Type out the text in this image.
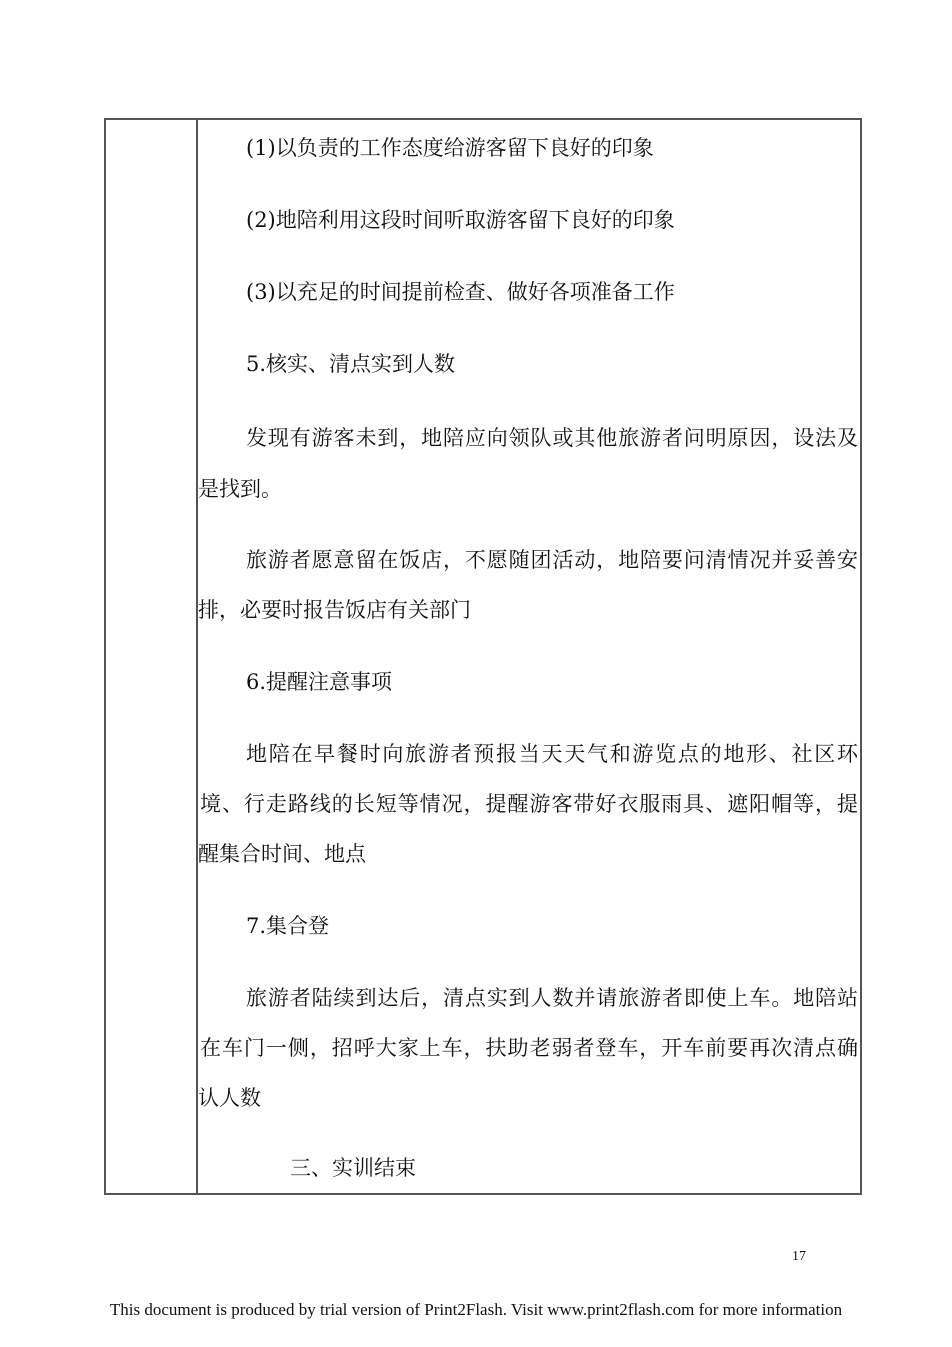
(1)以负责的工作态度给游客留下良好的印象
(2)地陪利用这段时间听取游客留下良好的印象
(3)以充足的时间提前检查、做好各项准备工作
5.核实、清点实到人数
发现有游客未到，地陪应向领队或其他旅游者问明原因，设法及
是找到。
旅游者愿意留在饭店，不愿随团活动，地陪要问清情况并妥善安
排，必要时报告饭店有关部门
6.提醒注意事项
地陪在早餐时向旅游者预报当天天气和游览点的地形、社区环
境、行走路线的长短等情况，提醒游客带好衣服雨具、遮阳帽等，提
醒集合时间、地点
7.集合登
旅游者陆续到达后，清点实到人数并请旅游者即使上车。地陪站
在车门一侧，招呼大家上车，扶助老弱者登车，开车前要再次清点确
认人数
三、实训结束
17
This document is produced by trial version of Print2Flash. Visit www.print2flash.com for more information
